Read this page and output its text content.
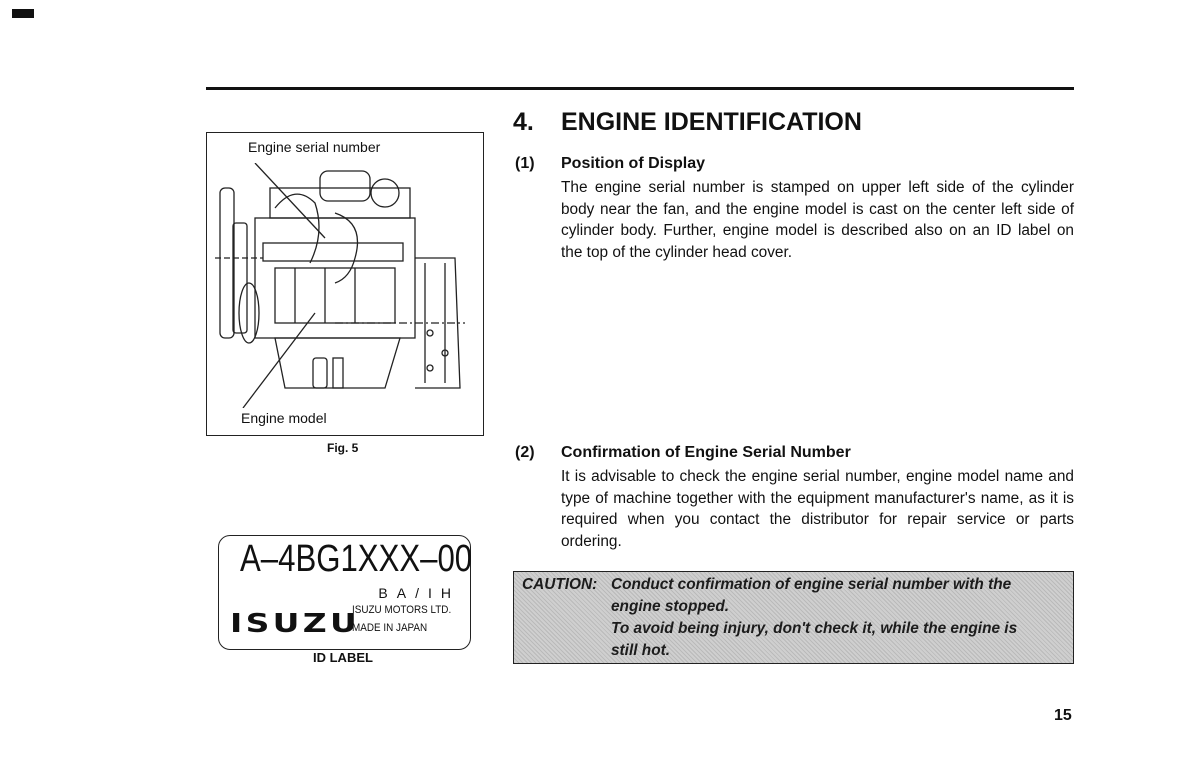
Engine serial number
Engine model
Fig. 5
A–4BG1XXX–00
BA/IH
ISUZU MOTORS LTD.
MADE IN JAPAN
ISUZU
ID LABEL
4. ENGINE IDENTIFICATION
(1) Position of Display
The engine serial number is stamped on upper left side of the cylinder body near the fan, and the engine model is cast on the center left side of cylinder body. Further, engine model is described also on an ID label on the top of the cylinder head cover.
(2) Confirmation of Engine Serial Number
It is advisable to check the engine serial number, engine model name and type of machine together with the equipment manufacturer's name, as it is required when you contact the distributor for repair service or parts ordering.
CAUTION: Conduct confirmation of engine serial number with the
engine stopped.
To avoid being injury, don't check it, while the engine is
still hot.
15
